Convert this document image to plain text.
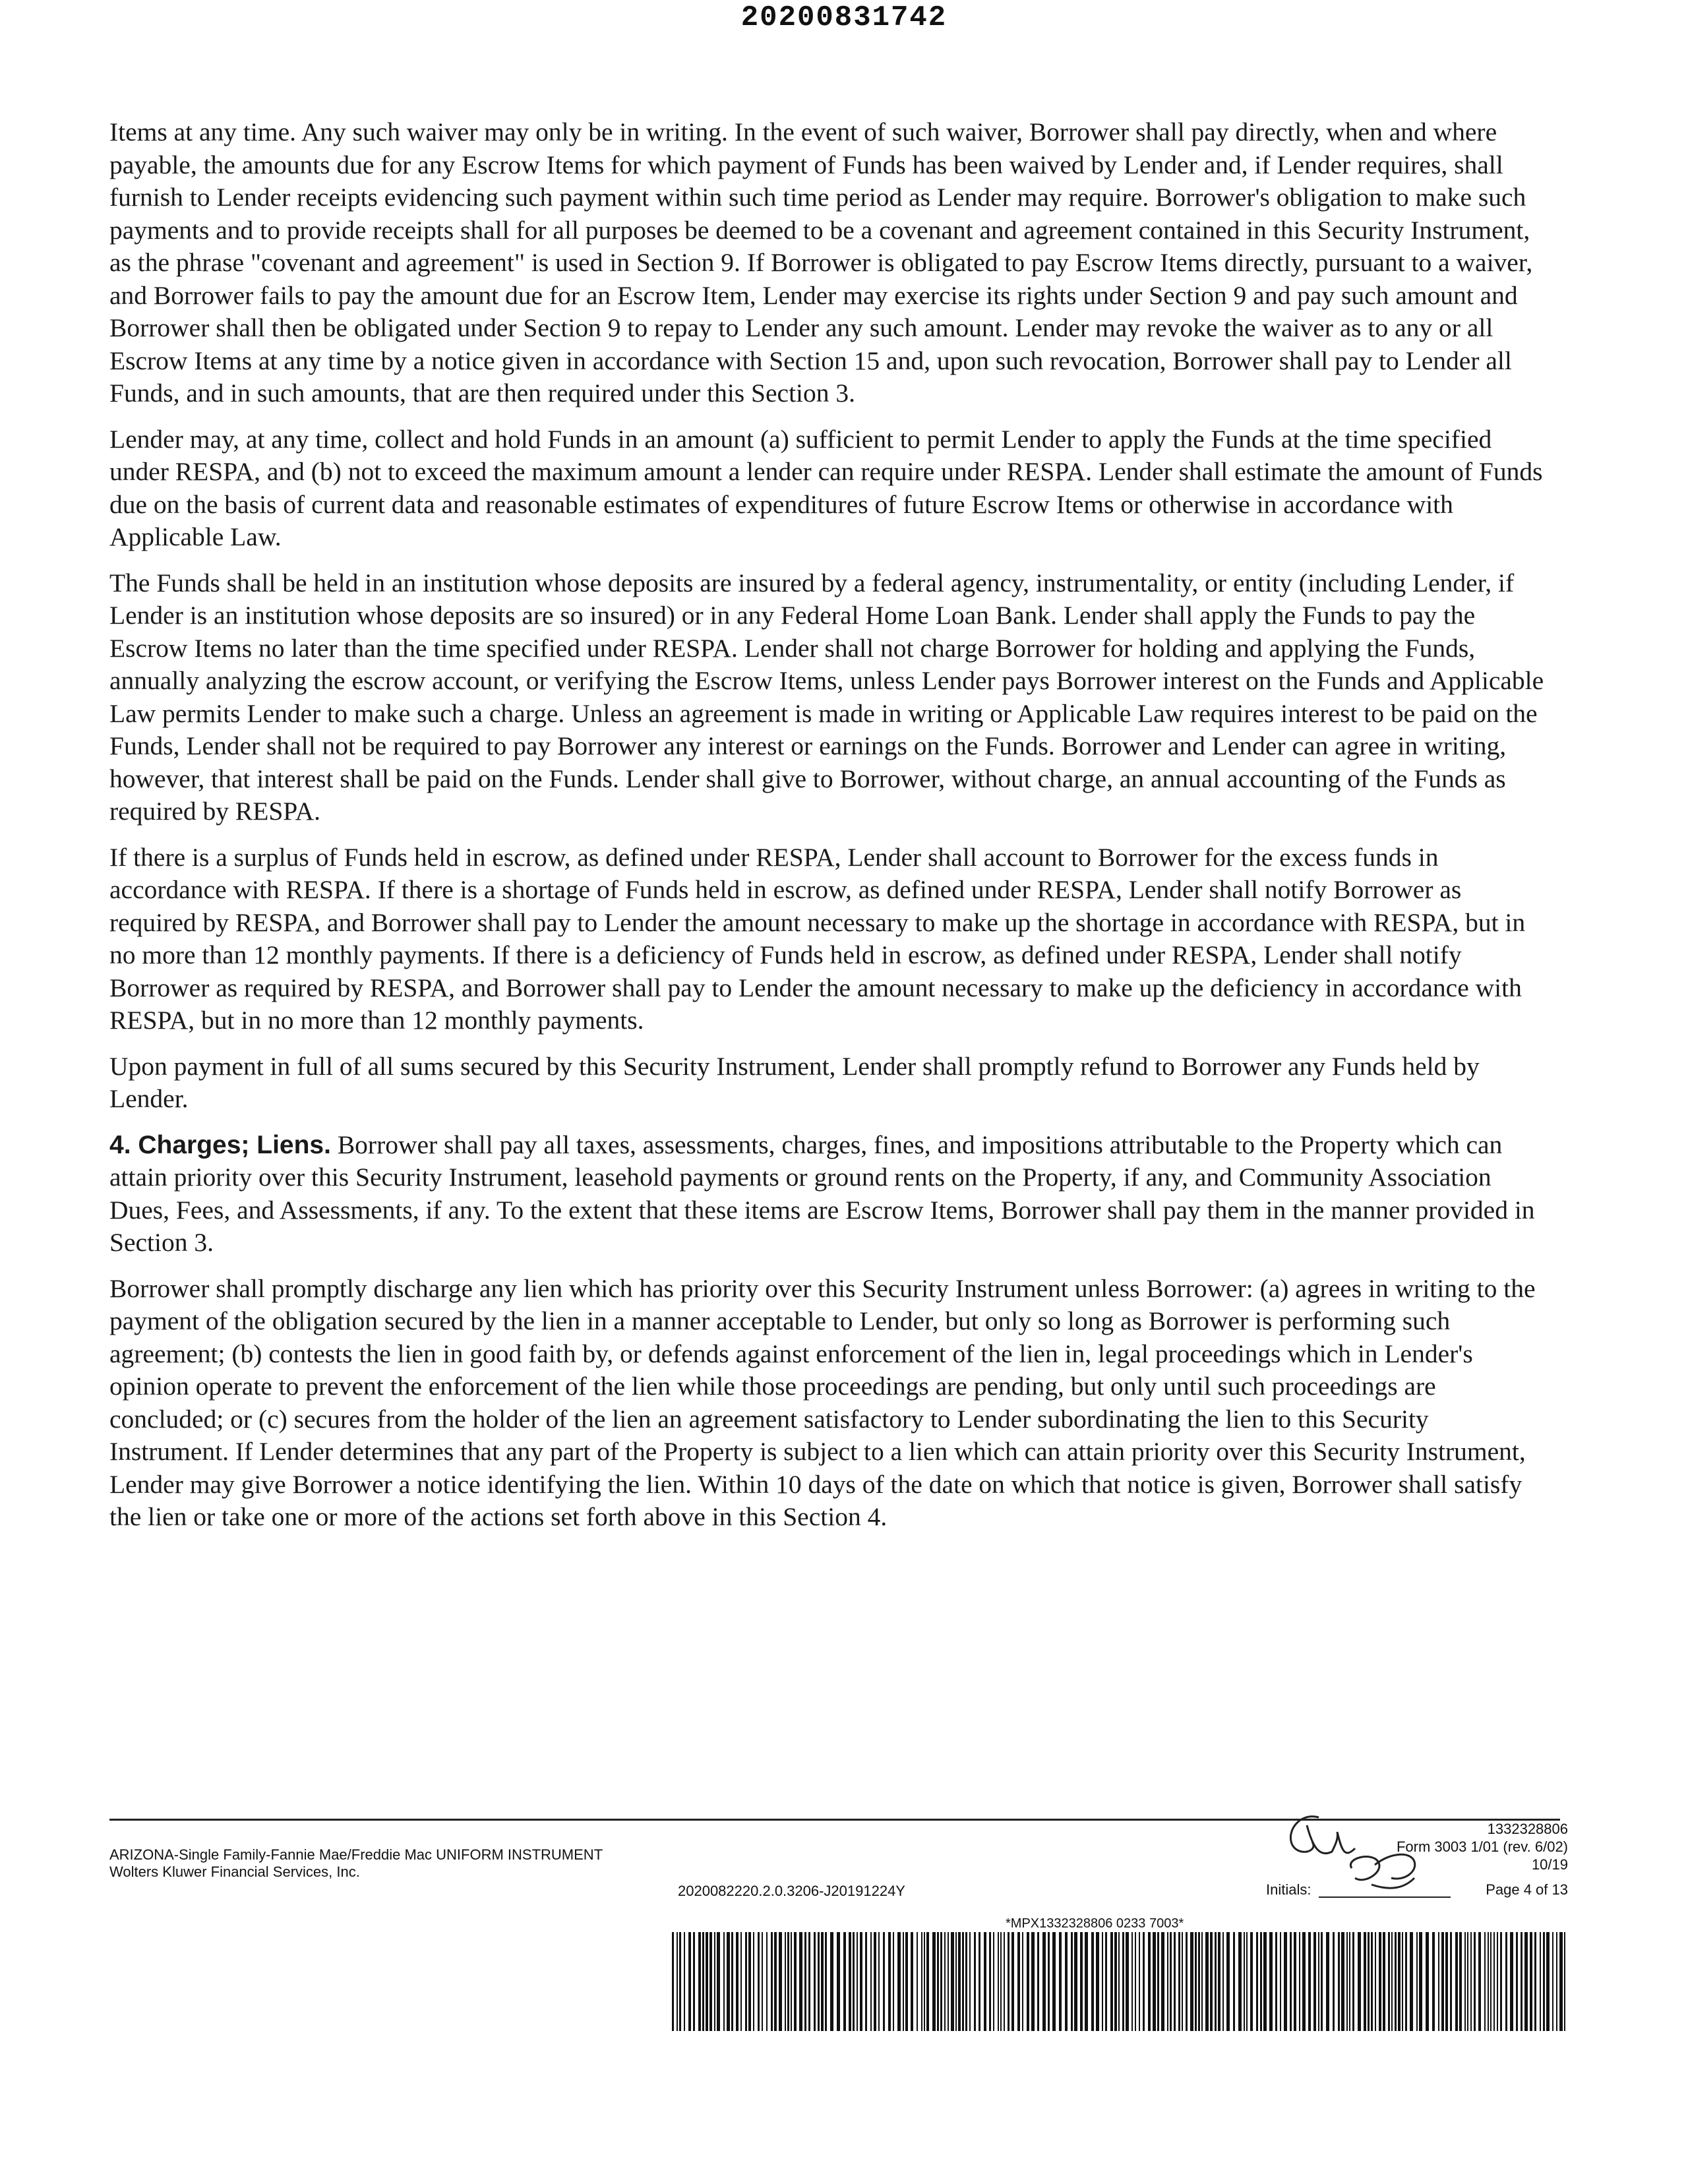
20200831742

Items at any time. Any such waiver may only be in writing. In the event of such waiver, Borrower shall pay directly, when and where payable, the amounts due for any Escrow Items for which payment of Funds has been waived by Lender and, if Lender requires, shall furnish to Lender receipts evidencing such payment within such time period as Lender may require. Borrower's obligation to make such payments and to provide receipts shall for all purposes be deemed to be a covenant and agreement contained in this Security Instrument, as the phrase "covenant and agreement" is used in Section 9. If Borrower is obligated to pay Escrow Items directly, pursuant to a waiver, and Borrower fails to pay the amount due for an Escrow Item, Lender may exercise its rights under Section 9 and pay such amount and Borrower shall then be obligated under Section 9 to repay to Lender any such amount. Lender may revoke the waiver as to any or all Escrow Items at any time by a notice given in accordance with Section 15 and, upon such revocation, Borrower shall pay to Lender all Funds, and in such amounts, that are then required under this Section 3.

Lender may, at any time, collect and hold Funds in an amount (a) sufficient to permit Lender to apply the Funds at the time specified under RESPA, and (b) not to exceed the maximum amount a lender can require under RESPA. Lender shall estimate the amount of Funds due on the basis of current data and reasonable estimates of expenditures of future Escrow Items or otherwise in accordance with Applicable Law.

The Funds shall be held in an institution whose deposits are insured by a federal agency, instrumentality, or entity (including Lender, if Lender is an institution whose deposits are so insured) or in any Federal Home Loan Bank. Lender shall apply the Funds to pay the Escrow Items no later than the time specified under RESPA. Lender shall not charge Borrower for holding and applying the Funds, annually analyzing the escrow account, or verifying the Escrow Items, unless Lender pays Borrower interest on the Funds and Applicable Law permits Lender to make such a charge. Unless an agreement is made in writing or Applicable Law requires interest to be paid on the Funds, Lender shall not be required to pay Borrower any interest or earnings on the Funds. Borrower and Lender can agree in writing, however, that interest shall be paid on the Funds. Lender shall give to Borrower, without charge, an annual accounting of the Funds as required by RESPA.

If there is a surplus of Funds held in escrow, as defined under RESPA, Lender shall account to Borrower for the excess funds in accordance with RESPA. If there is a shortage of Funds held in escrow, as defined under RESPA, Lender shall notify Borrower as required by RESPA, and Borrower shall pay to Lender the amount necessary to make up the shortage in accordance with RESPA, but in no more than 12 monthly payments. If there is a deficiency of Funds held in escrow, as defined under RESPA, Lender shall notify Borrower as required by RESPA, and Borrower shall pay to Lender the amount necessary to make up the deficiency in accordance with RESPA, but in no more than 12 monthly payments.

Upon payment in full of all sums secured by this Security Instrument, Lender shall promptly refund to Borrower any Funds held by Lender.

4. Charges; Liens. Borrower shall pay all taxes, assessments, charges, fines, and impositions attributable to the Property which can attain priority over this Security Instrument, leasehold payments or ground rents on the Property, if any, and Community Association Dues, Fees, and Assessments, if any. To the extent that these items are Escrow Items, Borrower shall pay them in the manner provided in Section 3.

Borrower shall promptly discharge any lien which has priority over this Security Instrument unless Borrower: (a) agrees in writing to the payment of the obligation secured by the lien in a manner acceptable to Lender, but only so long as Borrower is performing such agreement; (b) contests the lien in good faith by, or defends against enforcement of the lien in, legal proceedings which in Lender's opinion operate to prevent the enforcement of the lien while those proceedings are pending, but only until such proceedings are concluded; or (c) secures from the holder of the lien an agreement satisfactory to Lender subordinating the lien to this Security Instrument. If Lender determines that any part of the Property is subject to a lien which can attain priority over this Security Instrument, Lender may give Borrower a notice identifying the lien. Within 10 days of the date on which that notice is given, Borrower shall satisfy the lien or take one or more of the actions set forth above in this Section 4.

ARIZONA-Single Family-Fannie Mae/Freddie Mac UNIFORM INSTRUMENT
Wolters Kluwer Financial Services, Inc.
2020082220.2.0.3206-J20191224Y
1332328806
Form 3003 1/01 (rev. 6/02)
10/19
Initials:	Page 4 of 13
*MPX1332328806 0233 7003*
